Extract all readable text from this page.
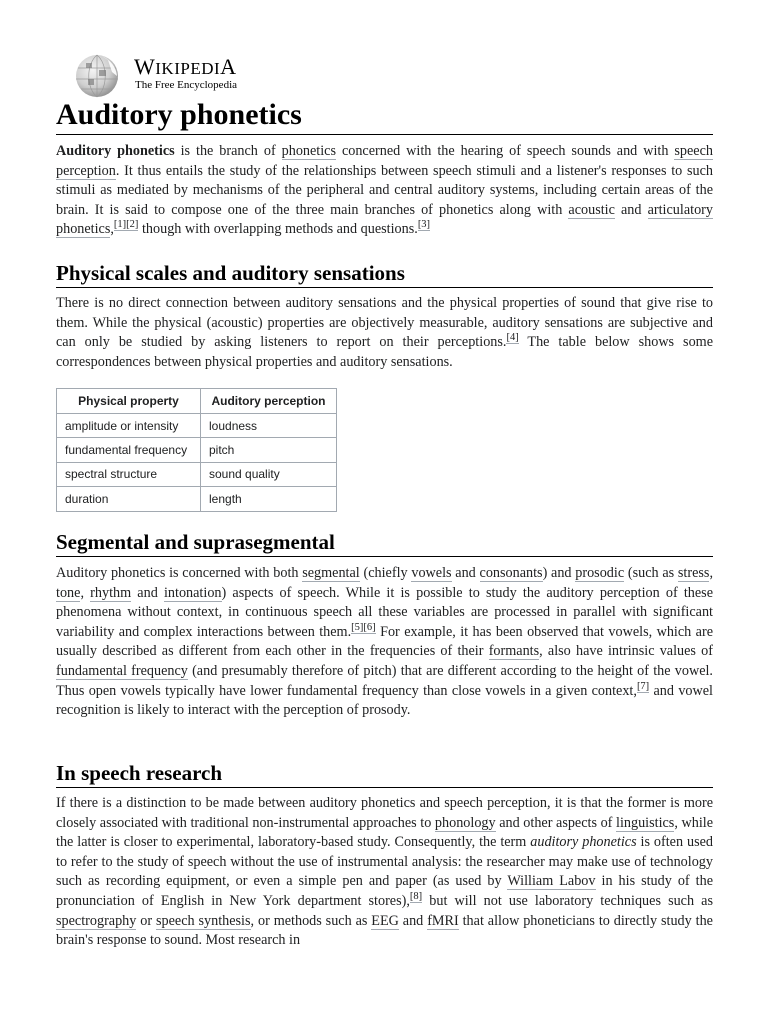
WIKIPEDIA
The Free Encyclopedia
Auditory phonetics

Auditory phonetics is the branch of phonetics concerned with the hearing of speech sounds and with speech perception. It thus entails the study of the relationships between speech stimuli and a listener's responses to such stimuli as mediated by mechanisms of the peripheral and central auditory systems, including certain areas of the brain. It is said to compose one of the three main branches of phonetics along with acoustic and articulatory phonetics,[1][2] though with overlapping methods and questions.[3]

Physical scales and auditory sensations

There is no direct connection between auditory sensations and the physical properties of sound that give rise to them. While the physical (acoustic) properties are objectively measurable, auditory sensations are subjective and can only be studied by asking listeners to report on their perceptions.[4] The table below shows some correspondences between physical properties and auditory sensations.

Physical property	Auditory perception
amplitude or intensity	loudness
fundamental frequency	pitch
spectral structure	sound quality
duration	length
Segmental and suprasegmental

Auditory phonetics is concerned with both segmental (chiefly vowels and consonants) and prosodic (such as stress, tone, rhythm and intonation) aspects of speech. While it is possible to study the auditory perception of these phenomena without context, in continuous speech all these variables are processed in parallel with significant variability and complex interactions between them.[5][6] For example, it has been observed that vowels, which are usually described as different from each other in the frequencies of their formants, also have intrinsic values of fundamental frequency (and presumably therefore of pitch) that are different according to the height of the vowel. Thus open vowels typically have lower fundamental frequency than close vowels in a given context,[7] and vowel recognition is likely to interact with the perception of prosody.

In speech research

If there is a distinction to be made between auditory phonetics and speech perception, it is that the former is more closely associated with traditional non-instrumental approaches to phonology and other aspects of linguistics, while the latter is closer to experimental, laboratory-based study. Consequently, the term auditory phonetics is often used to refer to the study of speech without the use of instrumental analysis: the researcher may make use of technology such as recording equipment, or even a simple pen and paper (as used by William Labov in his study of the pronunciation of English in New York department stores),[8] but will not use laboratory techniques such as spectrography or speech synthesis, or methods such as EEG and fMRI that allow phoneticians to directly study the brain's response to sound. Most research in
